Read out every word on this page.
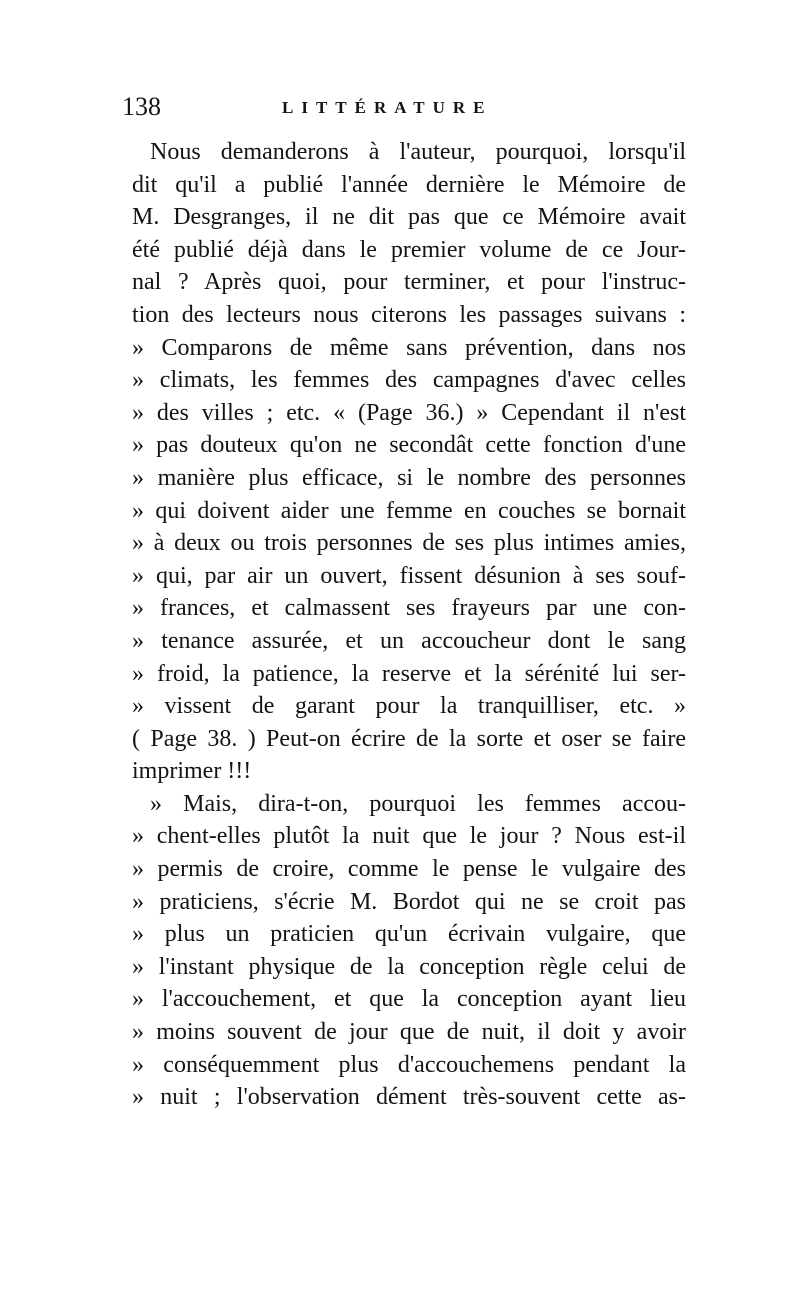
138	LITTÉRATURE
Nous demanderons à l'auteur, pourquoi, lorsqu'il
dit qu'il a publié l'année dernière le Mémoire de
M. Desgranges, il ne dit pas que ce Mémoire avait
été publié déjà dans le premier volume de ce Jour-
nal ? Après quoi, pour terminer, et pour l'instruc-
tion des lecteurs nous citerons les passages suivans :
» Comparons de même sans prévention, dans nos
» climats, les femmes des campagnes d'avec celles
» des villes ; etc. « (Page 36.) » Cependant il n'est
» pas douteux qu'on ne secondât cette fonction d'une
» manière plus efficace, si le nombre des personnes
» qui doivent aider une femme en couches se bornait
» à deux ou trois personnes de ses plus intimes amies,
» qui, par air un ouvert, fissent désunion à ses souf-
» frances, et calmassent ses frayeurs par une con-
» tenance assurée, et un accoucheur dont le sang
» froid, la patience, la reserve et la sérénité lui ser-
» vissent de garant pour la tranquilliser, etc. »
( Page 38. ) Peut-on écrire de la sorte et oser se faire
imprimer !!!
» Mais, dira-t-on, pourquoi les femmes accou-
» chent-elles plutôt la nuit que le jour ? Nous est-il
» permis de croire, comme le pense le vulgaire des
» praticiens, s'écrie M. Bordot qui ne se croit pas
» plus un praticien qu'un écrivain vulgaire, que
» l'instant physique de la conception règle celui de
» l'accouchement, et que la conception ayant lieu
» moins souvent de jour que de nuit, il doit y avoir
» conséquemment plus d'accouchemens pendant la
» nuit ; l'observation dément très-souvent cette as-
